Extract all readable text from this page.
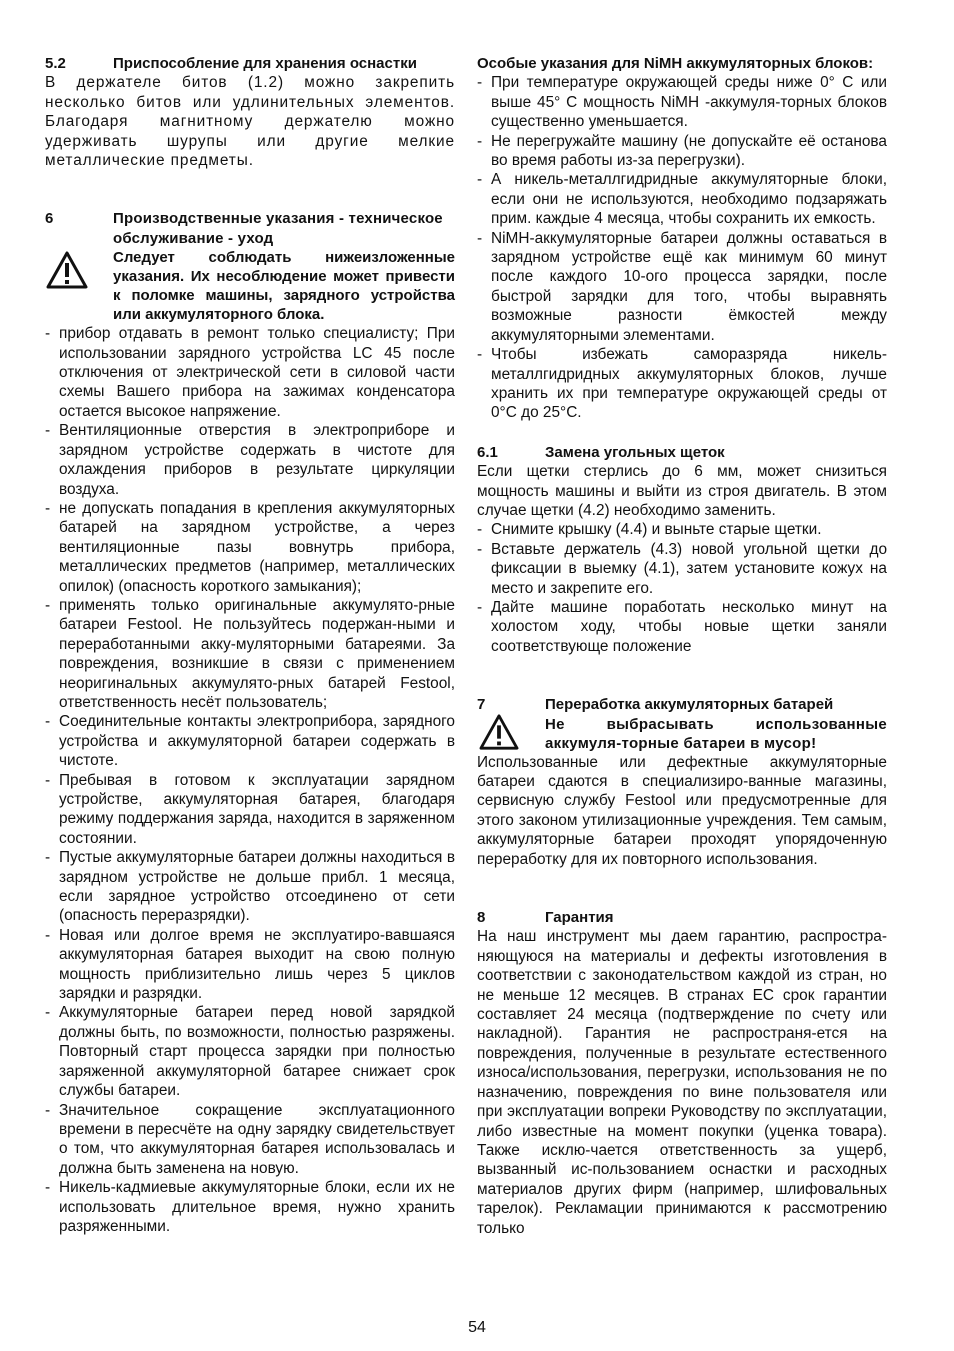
5.2	Приспособление для хранения оснастки

В держателе битов (1.2) можно закрепить несколько битов или удлинительных элементов. Благодаря магнитному держателю можно удерживать шурупы или другие мелкие металлические предметы.

6	Производственные указания - техническое обслуживание - уход
Следует соблюдать нижеизложенные указания. Их несоблюдение может привести к поломке машины, зарядного устройства или аккумуляторного блока.
- прибор отдавать в ремонт только специалисту; При использовании зарядного устройства LC 45 после отключения от электрической сети в силовой части схемы Вашего прибора на зажимах конденсатора остается высокое напряжение.
- Вентиляционные отверстия в электроприборе и зарядном устройстве содержать в чистоте для охлаждения приборов в результате циркуляции воздуха.
- не допускать попадания в крепления аккумуляторных батарей на зарядном устройстве, а через вентиляционные пазы вовнутрь прибора, металлических предметов (например, металлических опилок) (опасность короткого замыкания);
- применять только оригинальные аккумулято-рные батареи Festool. Не пользуйтесь подержан-ными и переработанными акку-муляторными батареями. За повреждения, возникшие в связи с применением неоригинальных аккумулято-рных батарей Festool, ответственность несёт пользователь;
- Соединительные контакты электроприбора, зарядного устройства и аккумуляторной батареи содержать в чистоте.
- Пребывая в готовом к эксплуатации зарядном устройстве, аккумуляторная батарея, благодаря режиму поддержания заряда, находится в заряженном состоянии.
- Пустые аккумуляторные батареи должны находиться в зарядном устройстве не дольше прибл. 1 месяца, если зарядное устройство отсоединено от сети (опасность переразрядки).
- Новая или долгое время не эксплуатиро-вавшаяся аккумуляторная батарея выходит на свою полную мощность приблизительно лишь через 5 циклов зарядки и разрядки.
- Аккумуляторные батареи перед новой зарядкой должны быть, по возможности, полностью разряжены. Повторный старт процесса зарядки при полностью заряженной аккумуляторной батарее снижает срок службы батареи.
- Значительное сокращение эксплуатационного времени в пересчёте на одну зарядку свидетельствует о том, что аккумуляторная батарея использовалась и должна быть заменена на новую.
- Никель-кадмиевые аккумуляторные блоки, если их не использовать длительное время, нужно хранить разряженными.
Особые указания для NiMH аккумуляторных блоков:
- При температуре окружающей среды ниже 0° С или выше 45° С мощность NiMH -аккумуля-торных блоков существенно уменьшается.
- Не перегружайте машину (не допускайте её останова во время работы из-за перегрузки).
- А никель-металлгидридные аккумуляторные блоки, если они не используются, необходимо подзаряжать прим. каждые 4 месяца, чтобы сохранить их емкость.
- NiMH-аккумуляторные батареи должны оставаться в зарядном устройстве ещё как минимум 60 минут после каждого 10-ого процесса зарядки, после быстрой зарядки для того, чтобы выравнять возможные разности ёмкостей между аккумуляторными элементами.
- Чтобы избежать саморазряда никель-металлгидридных аккумуляторных блоков, лучше хранить их при температуре окружающей среды от 0°С до 25°С.
6.1	Замена угольных щеток

Если щетки стерлись до 6 мм, может снизиться мощность машины и выйти из строя двигатель. В этом случае щетки (4.2) необходимо заменить.

- Снимите крышку (4.4) и выньте старые щетки.
- Вставьте держатель (4.3) новой угольной щетки до фиксации в выемку (4.1), затем установите кожух на место и закрепите его.
- Дайте машине поработать несколько минут на холостом ходу, чтобы новые щетки заняли соответствующе положение
7	Переработка аккумуляторных батарей
Не выбрасывать использованные аккумуля-торные батареи в мусор!

Использованные или дефектные аккумуляторные батареи сдаются в специализиро-ванные магазины, сервисную службу Festool или предусмотренные для этого законом утилизационные учреждения. Тем самым, аккумуляторные батареи проходят упорядоченную переработку для их повторного использования.

8	Гарантия

На наш инструмент мы даем гарантию, распростра-няющуюся на материалы и дефекты изготовления в соответствии с законодательством каждой из стран, но не меньше 12 месяцев. В странах ЕС срок гарантии составляет 24 месяца (подтверждение по счету или накладной). Гарантия не распространя-ется на повреждения, полученные в результате естественного износа/использования, перегрузки, использования не по назначению, повреждения по вине пользователя или при эксплуатации вопреки Руководству по эксплуатации, либо известные на момент покупки (уценка товара). Также исклю-чается ответственность за ущерб, вызванный ис-пользованием оснастки и расходных материалов других фирм (например, шлифовальных тарелок). Рекламации принимаются к рассмотрению только

54
